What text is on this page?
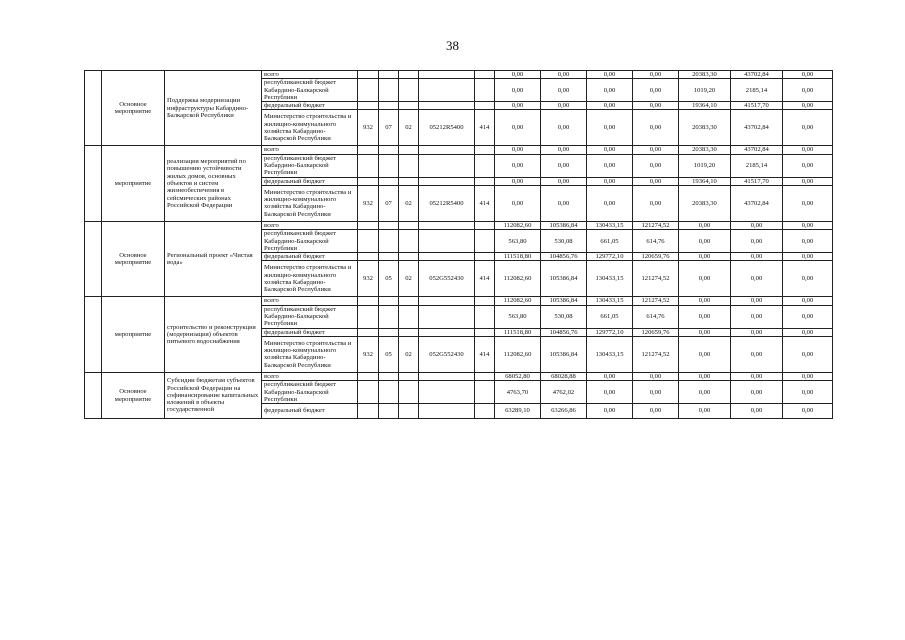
38
	Основное мероприятие	Поддержка модернизации инфраструктуры Кабардино-Балкарской Республики	всего						0,00	0,00	0,00	0,00	20383,30	43702,84	0,00
			республиканский бюджет Кабардино-Балкарской Республики						0,00	0,00	0,00	0,00	1019,20	2185,14	0,00
			федеральный бюджет						0,00	0,00	0,00	0,00	19364,10	41517,70	0,00
			Министерство строительства и жилищно-коммунального хозяйства Кабардино-Балкарской Республики	932	07	02	05212R5400	414	0,00	0,00	0,00	0,00	20383,30	43702,84	0,00
	мероприятие	реализация мероприятий по повышению устойчивости жилых домов, основных объектов и систем жизнеобеспечения в сейсмических районах Российской Федерации	всего						0,00	0,00	0,00	0,00	20383,30	43702,84	0,00
			республиканский бюджет Кабардино-Балкарской Республики						0,00	0,00	0,00	0,00	1019,20	2185,14	0,00
			федеральный бюджет						0,00	0,00	0,00	0,00	19364,10	41517,70	0,00
			Министерство строительства и жилищно-коммунального хозяйства Кабардино-Балкарской Республики	932	07	02	05212R5400	414	0,00	0,00	0,00	0,00	20383,30	43702,84	0,00
	Основное мероприятие	Региональный проект «Чистая вода»	всего						112082,60	105386,84	130433,15	121274,52	0,00	0,00	0,00
			республиканский бюджет Кабардино-Балкарской Республики						563,80	530,08	661,05	614,76	0,00	0,00	0,00
			федеральный бюджет						111518,80	104856,76	129772,10	120659,76	0,00	0,00	0,00
			Министерство строительства и жилищно-коммунального хозяйства Кабардино-Балкарской Республики	932	05	02	052G552430	414	112082,60	105386,84	130433,15	121274,52	0,00	0,00	0,00
	мероприятие	строительство и реконструкция (модернизация) объектов питьевого водоснабжения	всего						112082,60	105386,84	130433,15	121274,52	0,00	0,00	0,00
			республиканский бюджет Кабардино-Балкарской Республики						563,80	530,08	661,05	614,76	0,00	0,00	0,00
			федеральный бюджет						111518,80	104856,76	129772,10	120659,76	0,00	0,00	0,00
			Министерство строительства и жилищно-коммунального хозяйства Кабардино-Балкарской Республики	932	05	02	052G552430	414	112082,60	105386,84	130433,15	121274,52	0,00	0,00	0,00
	Основное мероприятие	Субсидии бюджетам субъектов Российской Федерации на софинансирование капитальных вложений в объекты государственной	всего						68052,80	68028,88	0,00	0,00	0,00	0,00	0,00
			республиканский бюджет Кабардино-Балкарской Республики						4763,70	4762,02	0,00	0,00	0,00	0,00	0,00
			федеральный бюджет						63289,10	63266,86	0,00	0,00	0,00	0,00	0,00
